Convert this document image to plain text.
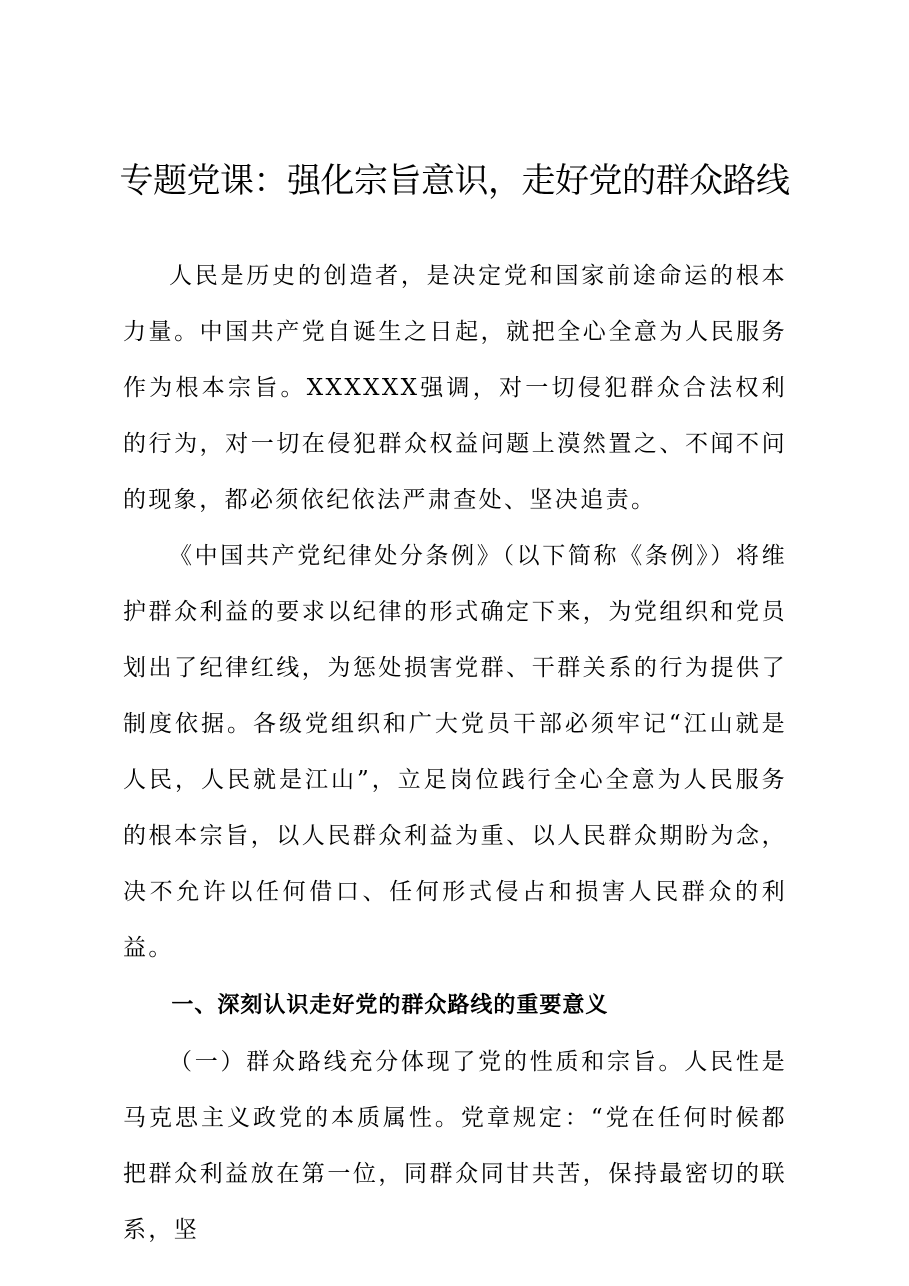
专题党课：强化宗旨意识，走好党的群众路线

人民是历史的创造者，是决定党和国家前途命运的根本力量。中国共产党自诞生之日起，就把全心全意为人民服务作为根本宗旨。XXXXXX强调，对一切侵犯群众合法权利的行为，对一切在侵犯群众权益问题上漠然置之、不闻不问的现象，都必须依纪依法严肃查处、坚决追责。

《中国共产党纪律处分条例》（以下简称《条例》）将维护群众利益的要求以纪律的形式确定下来，为党组织和党员划出了纪律红线，为惩处损害党群、干群关系的行为提供了制度依据。各级党组织和广大党员干部必须牢记“江山就是人民，人民就是江山”，立足岗位践行全心全意为人民服务的根本宗旨，以人民群众利益为重、以人民群众期盼为念，决不允许以任何借口、任何形式侵占和损害人民群众的利益。

一、深刻认识走好党的群众路线的重要意义

（一）群众路线充分体现了党的性质和宗旨。人民性是马克思主义政党的本质属性。党章规定：“党在任何时候都把群众利益放在第一位，同群众同甘共苦，保持最密切的联系，坚
